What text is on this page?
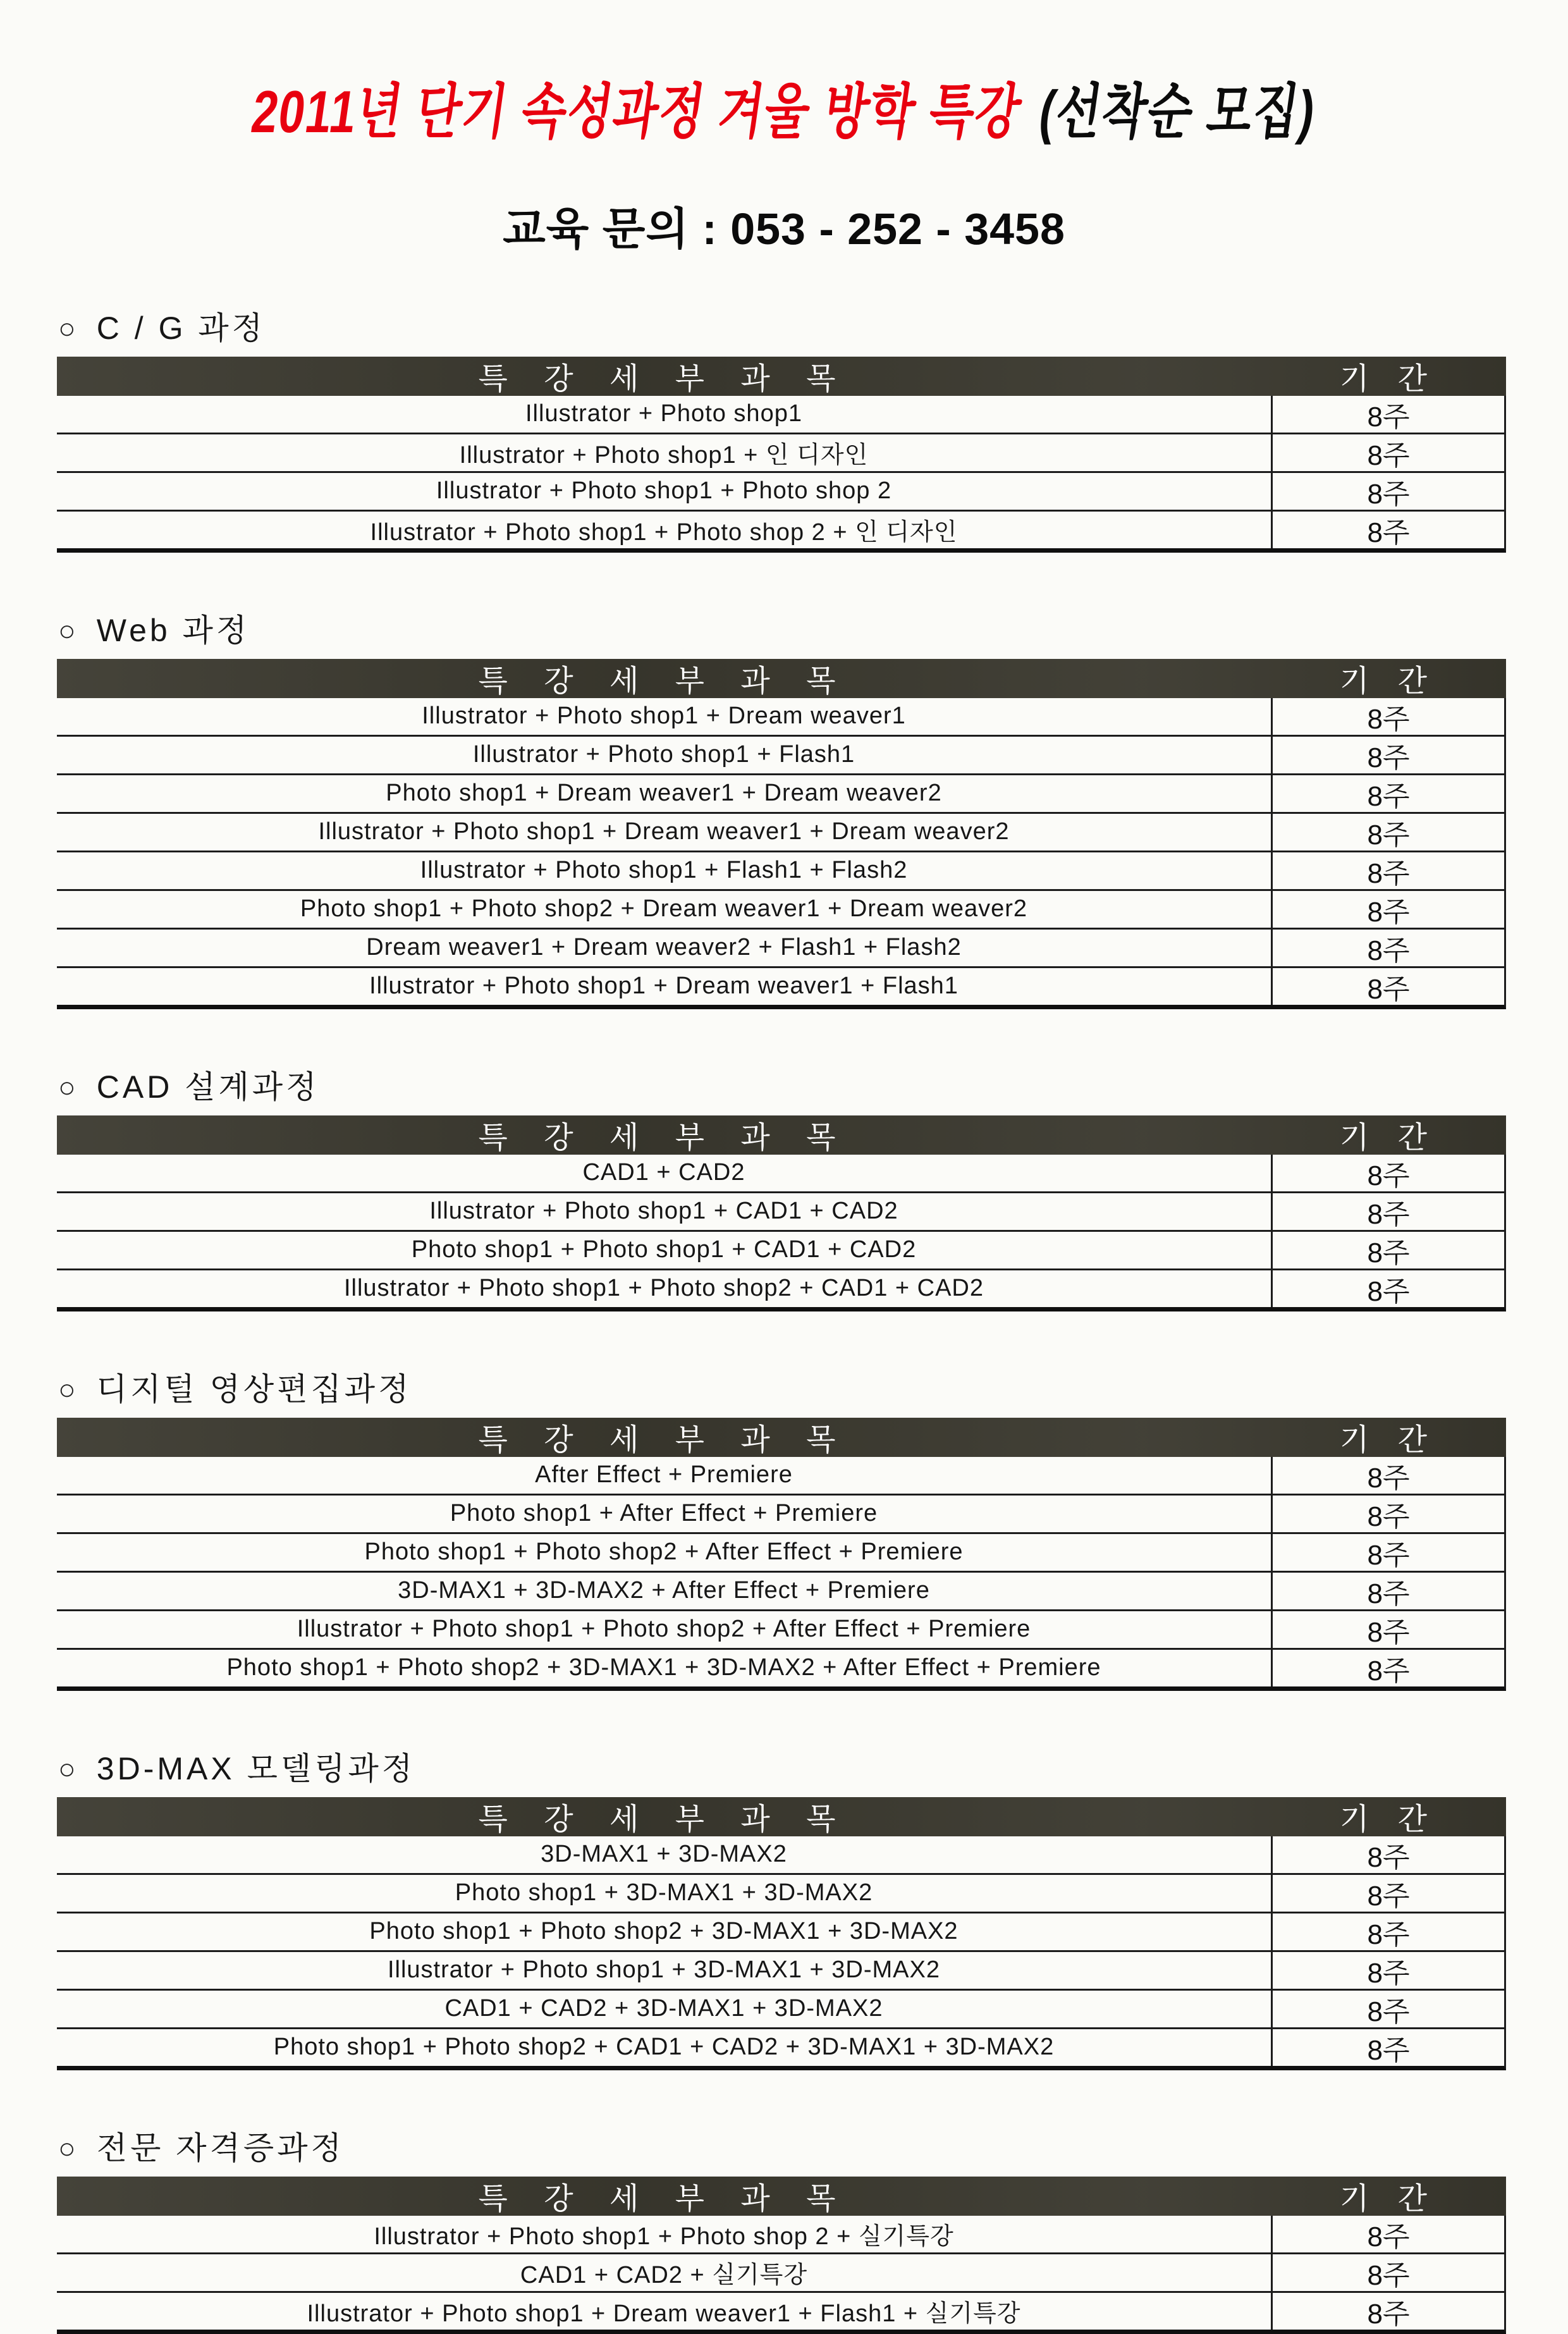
2011년 단기 속성과정 겨울 방학 특강 (선착순 모집)
교육 문의 : 053 - 252 - 3458
○ C / G 과정
특 강 세 부 과 목	기 간
Illustrator + Photo shop1	8주
Illustrator + Photo shop1 + 인 디자인	8주
Illustrator + Photo shop1 + Photo shop 2	8주
Illustrator + Photo shop1 + Photo shop 2 + 인 디자인	8주
○ Web 과정
특 강 세 부 과 목	기 간
Illustrator + Photo shop1 + Dream weaver1	8주
Illustrator + Photo shop1 + Flash1	8주
Photo shop1 + Dream weaver1 + Dream weaver2	8주
Illustrator + Photo shop1 + Dream weaver1 + Dream weaver2	8주
Illustrator + Photo shop1 + Flash1 + Flash2	8주
Photo shop1 + Photo shop2 + Dream weaver1 + Dream weaver2	8주
Dream weaver1 + Dream weaver2 + Flash1 + Flash2	8주
Illustrator + Photo shop1 + Dream weaver1 + Flash1	8주
○ CAD 설계과정
특 강 세 부 과 목	기 간
CAD1 + CAD2	8주
Illustrator + Photo shop1 + CAD1 + CAD2	8주
Photo shop1 + Photo shop1 + CAD1 + CAD2	8주
Illustrator + Photo shop1 + Photo shop2 + CAD1 + CAD2	8주
○ 디지털 영상편집과정
특 강 세 부 과 목	기 간
After Effect + Premiere	8주
Photo shop1 + After Effect + Premiere	8주
Photo shop1 + Photo shop2 + After Effect + Premiere	8주
3D-MAX1 + 3D-MAX2 + After Effect + Premiere	8주
Illustrator + Photo shop1 + Photo shop2 + After Effect + Premiere	8주
Photo shop1 + Photo shop2 + 3D-MAX1 + 3D-MAX2 + After Effect + Premiere	8주
○ 3D-MAX 모델링과정
특 강 세 부 과 목	기 간
3D-MAX1 + 3D-MAX2	8주
Photo shop1 + 3D-MAX1 + 3D-MAX2	8주
Photo shop1 + Photo shop2 + 3D-MAX1 + 3D-MAX2	8주
Illustrator + Photo shop1 + 3D-MAX1 + 3D-MAX2	8주
CAD1 + CAD2 + 3D-MAX1 + 3D-MAX2	8주
Photo shop1 + Photo shop2 + CAD1 + CAD2 + 3D-MAX1 + 3D-MAX2	8주
○ 전문 자격증과정
특 강 세 부 과 목	기 간
Illustrator + Photo shop1 + Photo shop 2 + 실기특강	8주
CAD1 + CAD2 + 실기특강	8주
Illustrator + Photo shop1 + Dream weaver1 + Flash1 + 실기특강	8주
